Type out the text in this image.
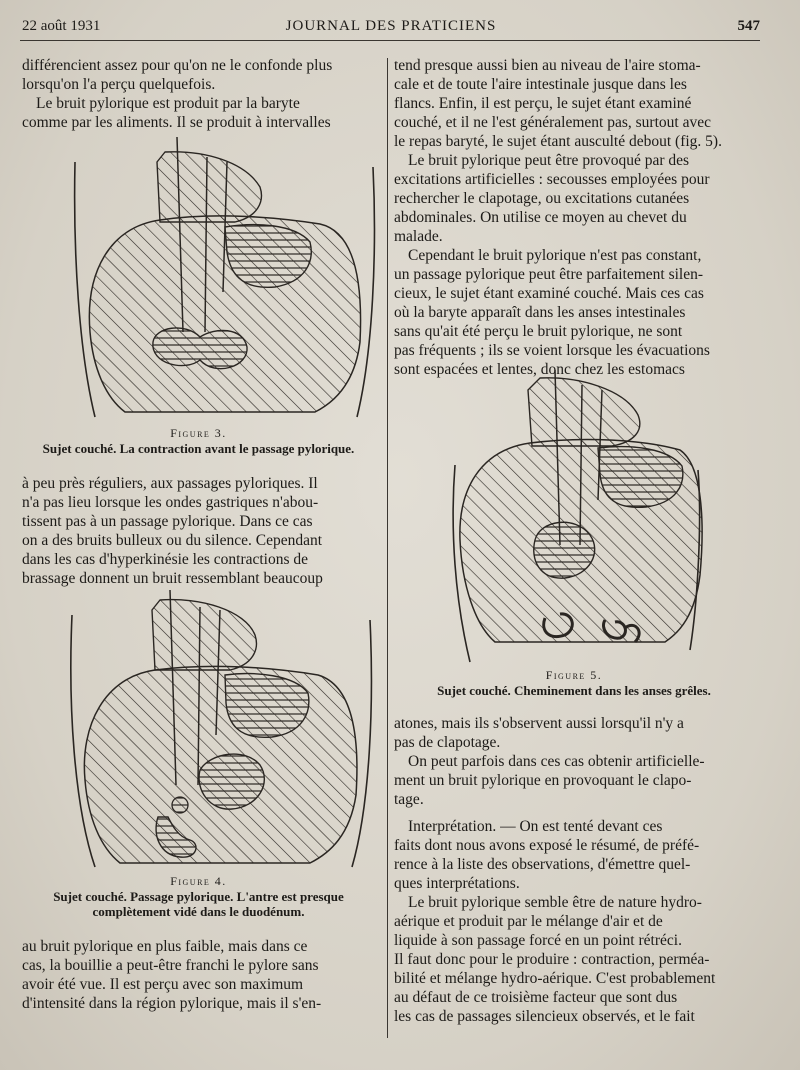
22 août 1931	JOURNAL DES PRATICIENS	547

différencient assez pour qu'on ne le confonde plus

lorsqu'on l'a perçu quelquefois.

Le bruit pylorique est produit par la baryte

comme par les aliments. Il se produit à intervalles

Figure 3.
Sujet couché. La contraction avant le passage pylorique.

à peu près réguliers, aux passages pyloriques. Il

n'a pas lieu lorsque les ondes gastriques n'abou-

tissent pas à un passage pylorique. Dans ce cas

on a des bruits bulleux ou du silence. Cependant

dans les cas d'hyperkinésie les contractions de

brassage donnent un bruit ressemblant beaucoup

Figure 4.
Sujet couché. Passage pylorique. L'antre est presque
complètement vidé dans le duodénum.

au bruit pylorique en plus faible, mais dans ce

cas, la bouillie a peut-être franchi le pylore sans

avoir été vue. Il est perçu avec son maximum

d'intensité dans la région pylorique, mais il s'en-

tend presque aussi bien au niveau de l'aire stoma-

cale et de toute l'aire intestinale jusque dans les

flancs. Enfin, il est perçu, le sujet étant examiné

couché, et il ne l'est généralement pas, surtout avec

le repas baryté, le sujet étant ausculté debout (fig. 5).

Le bruit pylorique peut être provoqué par des

excitations artificielles : secousses employées pour

rechercher le clapotage, ou excitations cutanées

abdominales. On utilise ce moyen au chevet du

malade.

Cependant le bruit pylorique n'est pas constant,

un passage pylorique peut être parfaitement silen-

cieux, le sujet étant examiné couché. Mais ces cas

où la baryte apparaît dans les anses intestinales

sans qu'ait été perçu le bruit pylorique, ne sont

pas fréquents ; ils se voient lorsque les évacuations

sont espacées et lentes, donc chez les estomacs

Figure 5.
Sujet couché. Cheminement dans les anses grêles.

atones, mais ils s'observent aussi lorsqu'il n'y a

pas de clapotage.

On peut parfois dans ces cas obtenir artificielle-

ment un bruit pylorique en provoquant le clapo-

tage.

Interprétation. — On est tenté devant ces

faits dont nous avons exposé le résumé, de préfé-

rence à la liste des observations, d'émettre quel-

ques interprétations.

Le bruit pylorique semble être de nature hydro-

aérique et produit par le mélange d'air et de

liquide à son passage forcé en un point rétréci.

Il faut donc pour le produire : contraction, perméa-

bilité et mélange hydro-aérique. C'est probablement

au défaut de ce troisième facteur que sont dus

les cas de passages silencieux observés, et le fait
